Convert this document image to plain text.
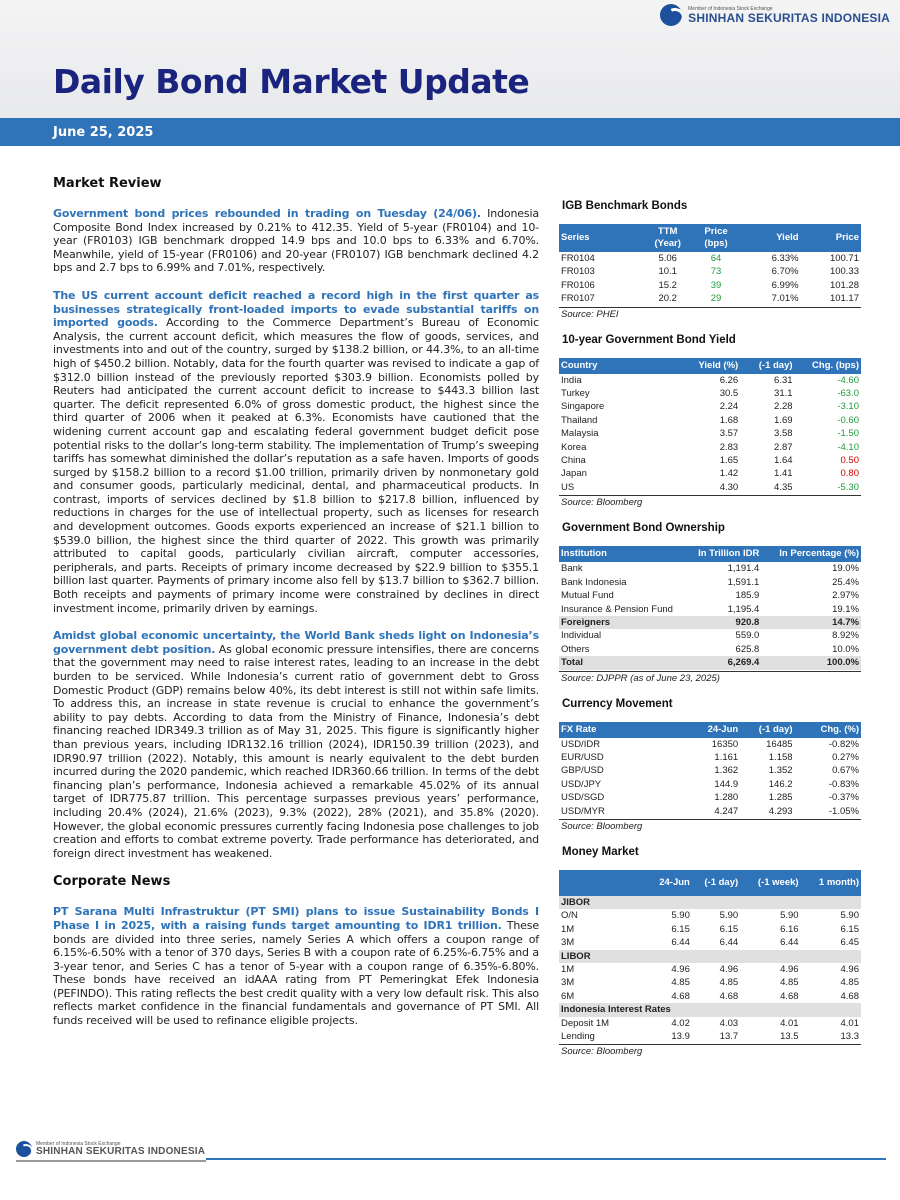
Member of Indonesia Stock Exchange
SHINHAN SEKURITAS INDONESIA
Daily Bond Market Update
June 25, 2025
Market Review

Government bond prices rebounded in trading on Tuesday (24/06). Indonesia Composite Bond Index increased by 0.21% to 412.35. Yield of 5-year (FR0104) and 10-year (FR0103) IGB benchmark dropped 14.9 bps and 10.0 bps to 6.33% and 6.70%. Meanwhile, yield of 15-year (FR0106) and 20-year (FR0107) IGB benchmark declined 4.2 bps and 2.7 bps to 6.99% and 7.01%, respectively.

The US current account deficit reached a record high in the first quarter as businesses strategically front-loaded imports to evade substantial tariffs on imported goods. According to the Commerce Department’s Bureau of Economic Analysis, the current account deficit, which measures the flow of goods, services, and investments into and out of the country, surged by $138.2 billion, or 44.3%, to an all-time high of $450.2 billion. Notably, data for the fourth quarter was revised to indicate a gap of $312.0 billion instead of the previously reported $303.9 billion. Economists polled by Reuters had anticipated the current account deficit to increase to $443.3 billion last quarter. The deficit represented 6.0% of gross domestic product, the highest since the third quarter of 2006 when it peaked at 6.3%. Economists have cautioned that the widening current account gap and escalating federal government budget deficit pose potential risks to the dollar’s long-term stability. The implementation of Trump’s sweeping tariffs has somewhat diminished the dollar’s reputation as a safe haven. Imports of goods surged by $158.2 billion to a record $1.00 trillion, primarily driven by nonmonetary gold and consumer goods, particularly medicinal, dental, and pharmaceutical products. In contrast, imports of services declined by $1.8 billion to $217.8 billion, influenced by reductions in charges for the use of intellectual property, such as licenses for research and development outcomes. Goods exports experienced an increase of $21.1 billion to $539.0 billion, the highest since the third quarter of 2022. This growth was primarily attributed to capital goods, particularly civilian aircraft, computer accessories, peripherals, and parts. Receipts of primary income decreased by $22.9 billion to $355.1 billion last quarter. Payments of primary income also fell by $13.7 billion to $362.7 billion. Both receipts and payments of primary income were constrained by declines in direct investment income, primarily driven by earnings.

Amidst global economic uncertainty, the World Bank sheds light on Indonesia’s government debt position. As global economic pressure intensifies, there are concerns that the government may need to raise interest rates, leading to an increase in the debt burden to be serviced. While Indonesia’s current ratio of government debt to Gross Domestic Product (GDP) remains below 40%, its debt interest is still not within safe limits. To address this, an increase in state revenue is crucial to enhance the government’s ability to pay debts. According to data from the Ministry of Finance, Indonesia’s debt financing reached IDR349.3 trillion as of May 31, 2025. This figure is significantly higher than previous years, including IDR132.16 trillion (2024), IDR150.39 trillion (2023), and IDR90.97 trillion (2022). Notably, this amount is nearly equivalent to the debt burden incurred during the 2020 pandemic, which reached IDR360.66 trillion. In terms of the debt financing plan’s performance, Indonesia achieved a remarkable 45.02% of its annual target of IDR775.87 trillion. This percentage surpasses previous years’ performance, including 20.4% (2024), 21.6% (2023), 9.3% (2022), 28% (2021), and 35.8% (2020). However, the global economic pressures currently facing Indonesia pose challenges to job creation and efforts to combat extreme poverty. Trade performance has deteriorated, and foreign direct investment has weakened.

Corporate News

PT Sarana Multi Infrastruktur (PT SMI) plans to issue Sustainability Bonds I Phase I in 2025, with a raising funds target amounting to IDR1 trillion. These bonds are divided into three series, namely Series A which offers a coupon range of 6.15%-6.50% with a tenor of 370 days, Series B with a coupon rate of 6.25%-6.75% and a 3-year tenor, and Series C has a tenor of 5-year with a coupon range of 6.35%-6.80%. These bonds have received an idAAA rating from PT Pemeringkat Efek Indonesia (PEFINDO). This rating reflects the best credit quality with a very low default risk. This also reflects market confidence in the financial fundamentals and governance of PT SMI. All funds received will be used to refinance eligible projects.

IGB Benchmark Bonds
Series	TTM (Year)	Price (bps)	Yield	Price
FR0104	5.06	64	6.33%	100.71
FR0103	10.1	73	6.70%	100.33
FR0106	15.2	39	6.99%	101.28
FR0107	20.2	29	7.01%	101.17
Source: PHEI
10-year Government Bond Yield
Country	Yield (%)	(-1 day)	Chg. (bps)
India	6.26	6.31	-4.60
Turkey	30.5	31.1	-63.0
Singapore	2.24	2.28	-3.10
Thailand	1.68	1.69	-0.60
Malaysia	3.57	3.58	-1.50
Korea	2.83	2.87	-4.10
China	1.65	1.64	0.50
Japan	1.42	1.41	0.80
US	4.30	4.35	-5.30
Source: Bloomberg
Government Bond Ownership
Institution	In Trillion IDR	In Percentage (%)
Bank	1,191.4	19.0%
Bank Indonesia	1,591.1	25.4%
Mutual Fund	185.9	2.97%
Insurance & Pension Fund	1,195.4	19.1%
Foreigners	920.8	14.7%
Individual	559.0	8.92%
Others	625.8	10.0%
Total	6,269.4	100.0%
Source: DJPPR (as of June 23, 2025)
Currency Movement
FX Rate	24-Jun	(-1 day)	Chg. (%)
USD/IDR	16350	16485	-0.82%
EUR/USD	1.161	1.158	0.27%
GBP/USD	1.362	1.352	0.67%
USD/JPY	144.9	146.2	-0.83%
USD/SGD	1.280	1.285	-0.37%
USD/MYR	4.247	4.293	-1.05%
Source: Bloomberg
Money Market
	24-Jun	(-1 day)	(-1 week)	1 month)
JIBOR				
O/N	5.90	5.90	5.90	5.90
1M	6.15	6.15	6.16	6.15
3M	6.44	6.44	6.44	6.45
LIBOR				
1M	4.96	4.96	4.96	4.96
3M	4.85	4.85	4.85	4.85
6M	4.68	4.68	4.68	4.68
Indonesia Interest Rates				
Deposit 1M	4.02	4.03	4.01	4.01
Lending	13.9	13.7	13.5	13.3
Source: Bloomberg
Member of Indonesia Stock Exchange
SHINHAN SEKURITAS INDONESIA
